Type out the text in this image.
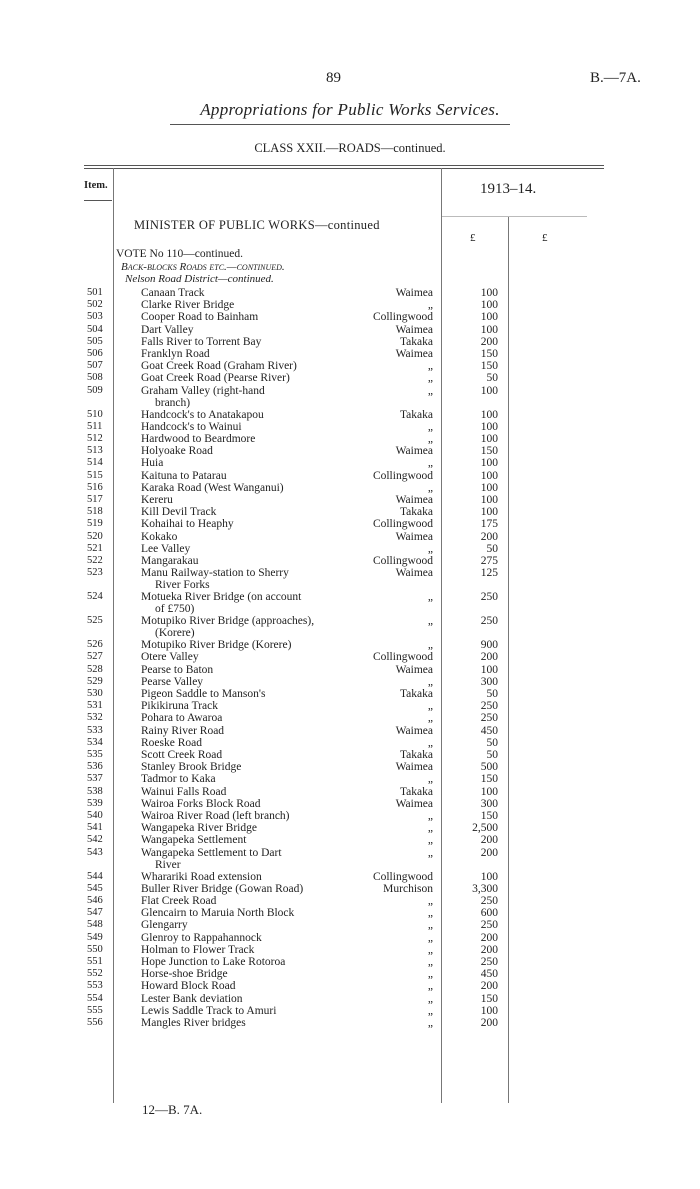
89	B.—7A.
Appropriations for Public Works Services.
CLASS XXII.—ROADS—continued.
Item.	1913–14.
MINISTER OF PUBLIC WORKS—continued
£	£
VOTE No 110—continued.
Back-blocks Roads etc.—continued.
Nelson Road District—continued.
501	Canaan Track	Waimea	100
502	Clarke River Bridge	„	100
503	Cooper Road to Bainham	Collingwood	100
504	Dart Valley	Waimea	100
505	Falls River to Torrent Bay	Takaka	200
506	Franklyn Road	Waimea	150
507	Goat Creek Road (Graham River)	„	150
508	Goat Creek Road (Pearse River)	„	50
509	Graham Valley (right-hand	„	100
branch)
510	Handcock's to Anatakapou	Takaka	100
511	Handcock's to Wainui	„	100
512	Hardwood to Beardmore	„	100
513	Holyoake Road	Waimea	150
514	Huia	„	100
515	Kaituna to Patarau	Collingwood	100
516	Karaka Road (West Wanganui)	„	100
517	Kereru	Waimea	100
518	Kill Devil Track	Takaka	100
519	Kohaihai to Heaphy	Collingwood	175
520	Kokako	Waimea	200
521	Lee Valley	„	50
522	Mangarakau	Collingwood	275
523	Manu Railway-station to Sherry	Waimea	125
River Forks
524	Motueka River Bridge (on account	„	250
of £750)
525	Motupiko River Bridge (approaches),	„	250
(Korere)
526	Motupiko River Bridge (Korere)	„	900
527	Otere Valley	Collingwood	200
528	Pearse to Baton	Waimea	100
529	Pearse Valley	„	300
530	Pigeon Saddle to Manson's	Takaka	50
531	Pikikiruna Track	„	250
532	Pohara to Awaroa	„	250
533	Rainy River Road	Waimea	450
534	Roeske Road	„	50
535	Scott Creek Road	Takaka	50
536	Stanley Brook Bridge	Waimea	500
537	Tadmor to Kaka	„	150
538	Wainui Falls Road	Takaka	100
539	Wairoa Forks Block Road	Waimea	300
540	Wairoa River Road (left branch)	„	150
541	Wangapeka River Bridge	„	2,500
542	Wangapeka Settlement	„	200
543	Wangapeka Settlement to Dart	„	200
River
544	Wharariki Road extension	Collingwood	100
545	Buller River Bridge (Gowan Road)	Murchison	3,300
546	Flat Creek Road	„	250
547	Glencairn to Maruia North Block	„	600
548	Glengarry	„	250
549	Glenroy to Rappahannock	„	200
550	Holman to Flower Track	„	200
551	Hope Junction to Lake Rotoroa	„	250
552	Horse-shoe Bridge	„	450
553	Howard Block Road	„	200
554	Lester Bank deviation	„	150
555	Lewis Saddle Track to Amuri	„	100
556	Mangles River bridges	„	200
12—B. 7A.
